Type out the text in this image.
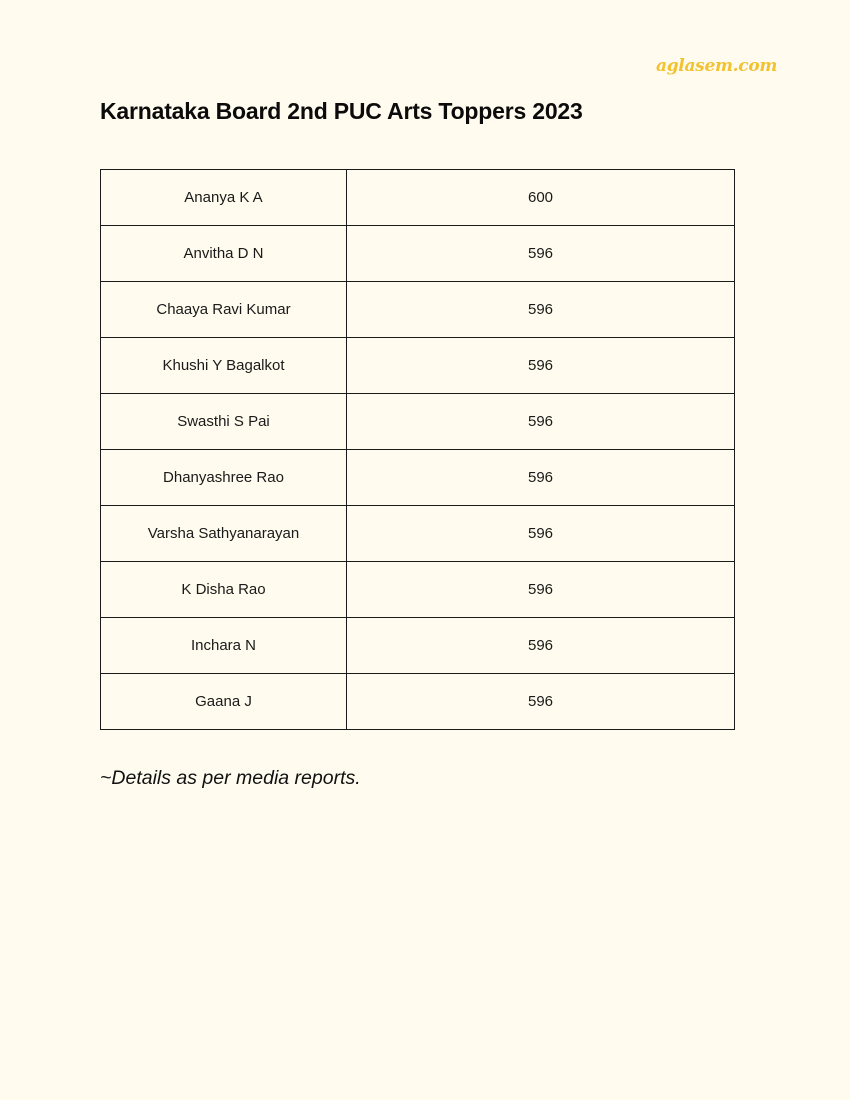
aglasem.com
Karnataka Board 2nd PUC Arts Toppers 2023
Ananya K A	600
Anvitha D N	596
Chaaya Ravi Kumar	596
Khushi Y Bagalkot	596
Swasthi S Pai	596
Dhanyashree Rao	596
Varsha Sathyanarayan	596
K Disha Rao	596
Inchara N	596
Gaana J	596

~Details as per media reports.
